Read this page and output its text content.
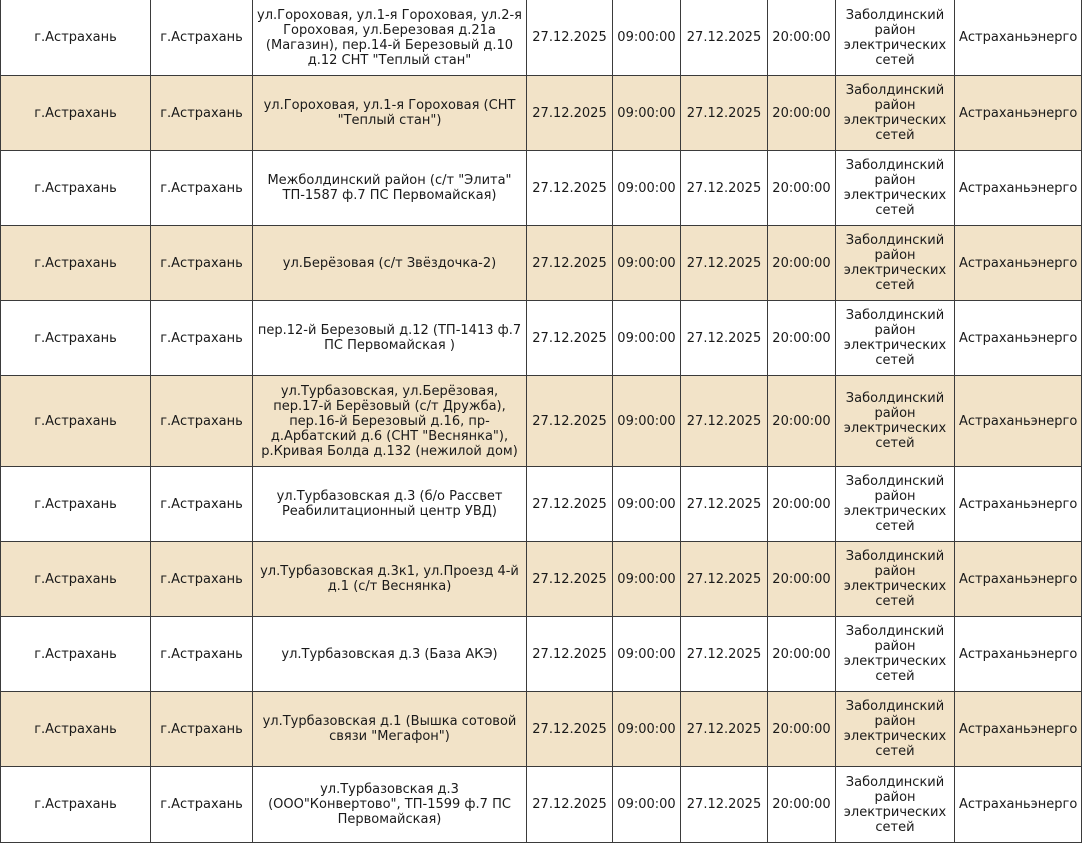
г.Астрахань	г.Астрахань	ул.Гороховая, ул.1-я Гороховая, ул.2-я Гороховая, ул.Березовая д.21а (Магазин), пер.14-й Березовый д.10 д.12 СНТ "Теплый стан"	27.12.2025	09:00:00	27.12.2025	20:00:00	Заболдинский район электрических сетей	Астраханьэнерго
г.Астрахань	г.Астрахань	ул.Гороховая, ул.1-я Гороховая (СНТ "Теплый стан")	27.12.2025	09:00:00	27.12.2025	20:00:00	Заболдинский район электрических сетей	Астраханьэнерго
г.Астрахань	г.Астрахань	Межболдинский район (с/т "Элита" ТП-1587 ф.7 ПС Первомайская)	27.12.2025	09:00:00	27.12.2025	20:00:00	Заболдинский район электрических сетей	Астраханьэнерго
г.Астрахань	г.Астрахань	ул.Берёзовая (с/т Звёздочка-2)	27.12.2025	09:00:00	27.12.2025	20:00:00	Заболдинский район электрических сетей	Астраханьэнерго
г.Астрахань	г.Астрахань	пер.12-й Березовый д.12 (ТП-1413 ф.7 ПС Первомайская )	27.12.2025	09:00:00	27.12.2025	20:00:00	Заболдинский район электрических сетей	Астраханьэнерго
г.Астрахань	г.Астрахань	ул.Турбазовская, ул.Берёзовая, пер.17-й Берёзовый (с/т Дружба), пер.16-й Березовый д.16, пр-д.Арбатский д.6 (СНТ "Веснянка"), р.Кривая Болда д.132 (нежилой дом)	27.12.2025	09:00:00	27.12.2025	20:00:00	Заболдинский район электрических сетей	Астраханьэнерго
г.Астрахань	г.Астрахань	ул.Турбазовская д.3 (б/о Рассвет Реабилитационный центр УВД)	27.12.2025	09:00:00	27.12.2025	20:00:00	Заболдинский район электрических сетей	Астраханьэнерго
г.Астрахань	г.Астрахань	ул.Турбазовская д.3к1, ул.Проезд 4-й д.1 (с/т Веснянка)	27.12.2025	09:00:00	27.12.2025	20:00:00	Заболдинский район электрических сетей	Астраханьэнерго
г.Астрахань	г.Астрахань	ул.Турбазовская д.3 (База АКЭ)	27.12.2025	09:00:00	27.12.2025	20:00:00	Заболдинский район электрических сетей	Астраханьэнерго
г.Астрахань	г.Астрахань	ул.Турбазовская д.1 (Вышка сотовой связи "Мегафон")	27.12.2025	09:00:00	27.12.2025	20:00:00	Заболдинский район электрических сетей	Астраханьэнерго
г.Астрахань	г.Астрахань	ул.Турбазовская д.3 (ООО"Конвертово", ТП-1599 ф.7 ПС Первомайская)	27.12.2025	09:00:00	27.12.2025	20:00:00	Заболдинский район электрических сетей	Астраханьэнерго
